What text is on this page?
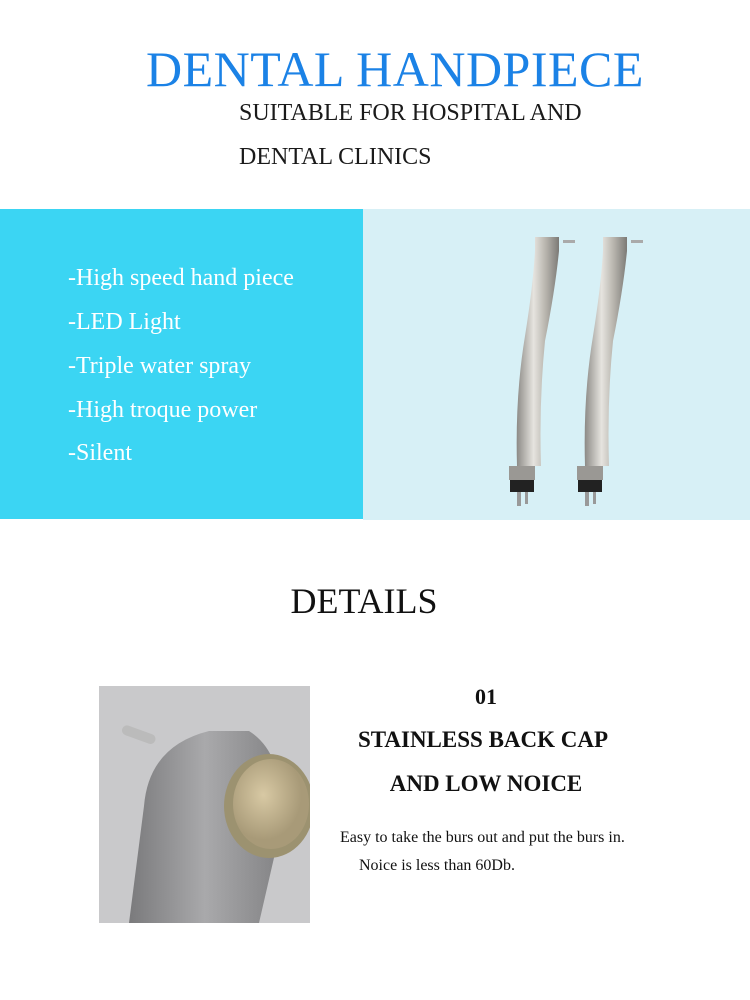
DENTAL HANDPIECE
SUITABLE FOR HOSPITAL AND
DENTAL CLINICS
-High speed hand piece
-LED Light
-Triple water spray
-High troque power
-Silent
DETAILS
01
STAINLESS BACK CAP
AND LOW NOICE
Easy to take the burs out and put the burs in.
Noice is less than 60Db.
